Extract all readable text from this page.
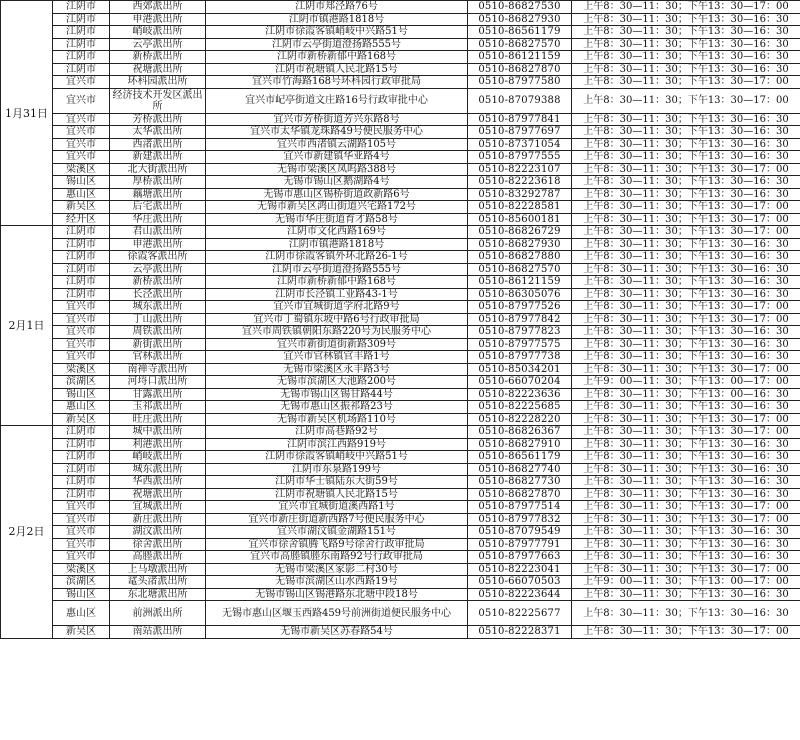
1月31日	江阴市	西郊派出所	江阴市郑泾路76号	0510-86827530	上午8：30—11：30；下午13：30—17：00
	江阴市	申港派出所	江阴市镇港路1818号	0510-86827930	上午8：30—11：30；下午13：30—16：30
	江阴市	峭岐派出所	江阴市徐霞客镇峭岐中兴路51号	0510-86561179	上午8：30—11：30；下午13：30—16：30
	江阴市	云亭派出所	江阴市云亭街道澄扬路555号	0510-86827570	上午8：30—11：30；下午13：30—16：30
	江阴市	新桥派出所	江阴市新桥新郁中路168号	0510-86121159	上午8：30—11：30；下午13：30—16：30
	江阴市	祝塘派出所	江阴市祝塘镇人民北路15号	0510-86827870	上午8：30—11：30；下午13：30—16：30
	宜兴市	环科园派出所	宜兴市竹海路168号环科园行政审批局	0510-87977580	上午8：30—11：30；下午13：30—17：00
	宜兴市	经济技术开发区派出所	宜兴市屺亭街道文庄路16号行政审批中心	0510-87079388	上午8：30—11：30；下午13：30—17：00
	宜兴市	芳桥派出所	宜兴市芳桥街道芳兴东路8号	0510-87977841	上午8：30—11：30；下午13：30—16：30
	宜兴市	太华派出所	宜兴市太华镇龙珠路49号便民服务中心	0510-87977697	上午8：30—11：30；下午13：30—16：30
	宜兴市	西渚派出所	宜兴市西渚镇云湖路105号	0510-87371054	上午8：30—11：30；下午13：30—16：30
	宜兴市	新建派出所	宜兴市新建镇华亚路4号	0510-87977555	上午8：30—11：30；下午13：30—16：30
	梁溪区	北大街派出所	无锡市梁溪区凤呜路388号	0510-82223107	上午8：30—11：30；下午13：30—17：00
	锡山区	厚桥派出所	无锡市锡山区鹅湖路4号	0510-82223618	上午8：30—11：30；下午13：30—16：30
	惠山区	藕塘派出所	无锡市惠山区锡桥街道政新路6号	0510-83292787	上午8：30—11：30；下午13：30—16：30
	新吴区	后宅派出所	无锡市新吴区鸿山街道兴宅路172号	0510-82228581	上午8：30—11：30；下午13：30—17：00
	经开区	华庄派出所	无锡市华庄街道育才路58号	0510-85600181	上午8：30—11：30；下午13：30—17：00
2月1日	江阴市	君山派出所	江阴市文化西路169号	0510-86826729	上午8：30—11：30；下午13：30—17：00
	江阴市	申港派出所	江阴市镇港路1818号	0510-86827930	上午8：30—11：30；下午13：30—16：30
	江阴市	徐霞客派出所	江阴市徐霞客镇外环北路26-1号	0510-86827880	上午8：30—11：30；下午13：30—16：30
	江阴市	云亭派出所	江阴市云亭街道澄扬路555号	0510-86827570	上午8：30—11：30；下午13：30—16：30
	江阴市	新桥派出所	江阴市新桥新郁中路168号	0510-86121159	上午8：30—11：30；下午13：30—16：30
	江阴市	长泾派出所	江阴市长泾镇工业路43-1号	0510-86305076	上午8：30—11：30；下午13：30—16：30
	宜兴市	城东派出所	宜兴市宜城街道学府北路9号	0510-87977526	上午8：30—11：30；下午13：30—17：00
	宜兴市	丁山派出所	宜兴市丁蜀镇东坡中路6号行政审批局	0510-87977842	上午8：30—11：30；下午13：30—17：00
	宜兴市	周铁派出所	宜兴市周铁镇朝阳东路220号为民服务中心	0510-87977823	上午8：30—11：30；下午13：30—16：30
	宜兴市	新街派出所	宜兴市新街道街新路309号	0510-87977575	上午8：30—11：30；下午13：30—16：30
	宜兴市	官林派出所	宜兴市官林镇官丰路1号	0510-87977738	上午8：30—11：30；下午13：30—16：30
	梁溪区	南禅寺派出所	无锡市梁溪区永丰路3号	0510-85034201	上午8：30—11：30；下午13：30—17：00
	滨湖区	河埒口派出所	无锡市滨湖区大池路200号	0510-66070204	上午9：00—11：30；下午13：00—17：00
	锡山区	甘露派出所	无锡市锡山区锡甘路44号	0510-82223636	上午8：30—11：30；下午13：00—16：30
	惠山区	玉祁派出所	无锡市惠山区振祁路23号	0510-82225685	上午8：30—11：30；下午13：30—16：30
	新吴区	旺庄派出所	无锡市新吴区机场路110号	0510-82228220	上午8：30—11：30；下午13：30—17：00
2月2日	江阴市	城中派出所	江阴市高巷路92号	0510-86826367	上午8：30—11：30；下午13：30—17：00
	江阴市	利港派出所	江阴市滨江西路919号	0510-86827910	上午8：30—11：30；下午13：30—16：30
	江阴市	峭岐派出所	江阴市徐霞客镇峭岐中兴路51号	0510-86561179	上午8：30—11：30；下午13：30—16：30
	江阴市	城东派出所	江阴市东泉路199号	0510-86827740	上午8：30—11：30；下午13：30—16：30
	江阴市	华西派出所	江阴市华士镇陆东大街59号	0510-86827730	上午8：30—11：30；下午13：30—16：30
	江阴市	祝塘派出所	江阴市祝塘镇人民北路15号	0510-86827870	上午8：30—11：30；下午13：30—16：30
	宜兴市	宜城派出所	宜兴市宜城街道溪西路1号	0510-87977514	上午8：30—11：30；下午13：30—17：00
	宜兴市	新庄派出所	宜兴市新庄街道新西路7号便民服务中心	0510-87977832	上午8：30—11：30；下午13：30—17：00
	宜兴市	湖汶派出所	宜兴市湖汶镇金湖路151号	0510-87079549	上午8：30—11：30；下午13：30—16：30
	宜兴市	徐舍派出所	宜兴市徐舍镇腾飞路9号徐舍行政审批局	0510-87977791	上午8：30—11：30；下午13：30—16：30
	宜兴市	高塍派出所	宜兴市高塍镇塍东南路92号行政审批局	0510-87977663	上午8：30—11：30；下午13：30—16：30
	梁溪区	上马墩派出所	无锡市梁溪区家影二村30号	0510-82223041	上午8：30—11：30；下午13：30—17：00
	滨湖区	鼋头渚派出所	无锡市滨湖区山水西路19号	0510-66070503	上午9：00—11：30；下午13：00—17：00
	锡山区	东北塘派出所	无锡市锡山区锡港路东北塘中段18号	0510-82223644	上午8：30—11：30；下午13：30—16：30
	惠山区	前洲派出所	无锡市惠山区堰玉西路459号前洲街道便民服务中心	0510-82225677	上午8：30—11：30；下午13：30—16：30
	新吴区	南站派出所	无锡市新吴区苏春路54号	0510-82228371	上午8：30—11：30；下午13：30—17：00
